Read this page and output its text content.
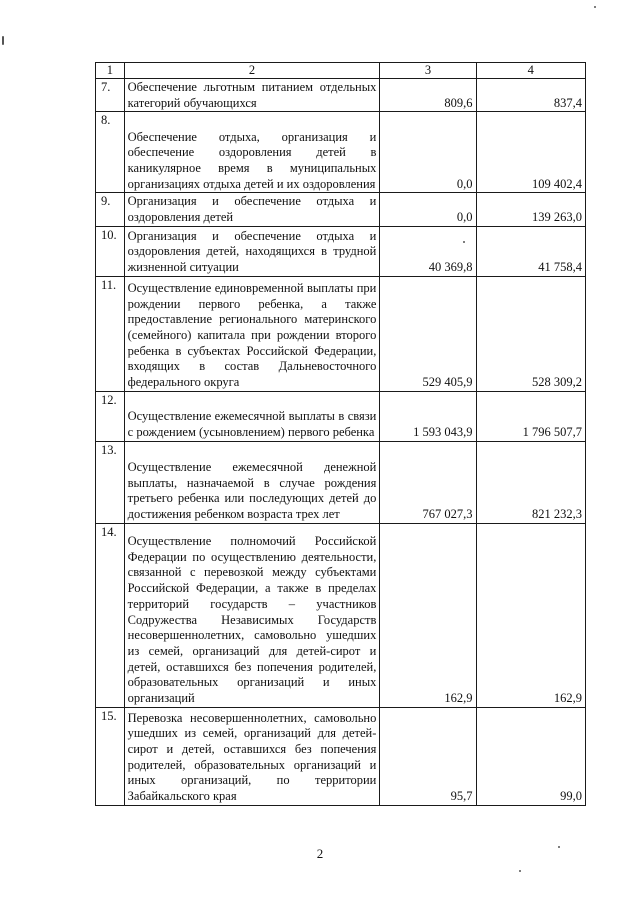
1	2	3	4
7.	Обеспечение льготным питанием отдельных категорий обучающихся	809,6	837,4
8.	Обеспечение отдыха, организация и обеспечение оздоровления детей в каникулярное время в муниципальных организациях отдыха детей и их оздоровления	0,0	109 402,4
9.	Организация и обеспечение отдыха и оздоровления детей	0,0	139 263,0
10.	Организация и обеспечение отдыха и оздоровления детей, находящихся в трудной жизненной ситуации	40 369,8	41 758,4
11.	Осуществление единовременной выплаты при рождении первого ребенка, а также предоставление регионального материнского (семейного) капитала при рождении второго ребенка в субъектах Российской Федерации, входящих в состав Дальневосточного федерального округа	529 405,9	528 309,2
12.	Осуществление ежемесячной выплаты в связи с рождением (усыновлением) первого ребенка	1 593 043,9	1 796 507,7
13.	Осуществление ежемесячной денежной выплаты, назначаемой в случае рождения третьего ребенка или последующих детей до достижения ребенком возраста трех лет	767 027,3	821 232,3
14.	Осуществление полномочий Российской Федерации по осуществлению деятельности, связанной с перевозкой между субъектами Российской Федерации, а также в пределах территорий государств – участников Содружества Независимых Государств несовершеннолетних, самовольно ушедших из семей, организаций для детей-сирот и детей, оставшихся без попечения родителей, образовательных организаций и иных организаций	162,9	162,9
15.	Перевозка несовершеннолетних, самовольно ушедших из семей, организаций для детей-сирот и детей, оставшихся без попечения родителей, образовательных организаций и иных организаций, по территории Забайкальского края	95,7	99,0
2
